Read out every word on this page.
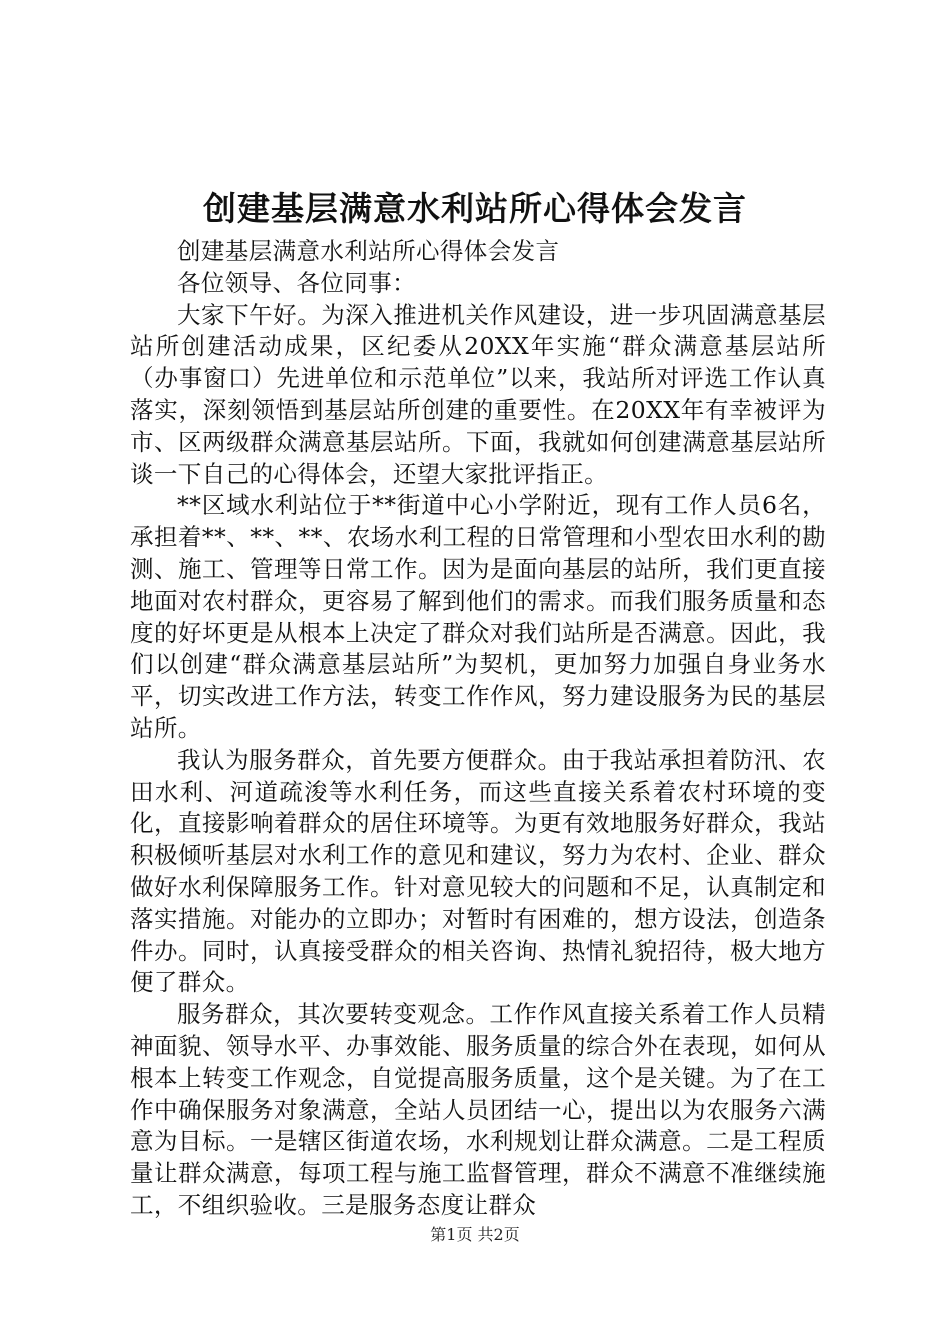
创建基层满意水利站所心得体会发言

创建基层满意水利站所心得体会发言

各位领导、各位同事：

大家下午好。为深入推进机关作风建设，进一步巩固满意基层站所创建活动成果，区纪委从20XX年实施“群众满意基层站所（办事窗口）先进单位和示范单位”以来，我站所对评选工作认真落实，深刻领悟到基层站所创建的重要性。在20XX年有幸被评为市、区两级群众满意基层站所。下面，我就如何创建满意基层站所谈一下自己的心得体会，还望大家批评指正。

**区域水利站位于**街道中心小学附近，现有工作人员6名，承担着**、**、**、农场水利工程的日常管理和小型农田水利的勘测、施工、管理等日常工作。因为是面向基层的站所，我们更直接地面对农村群众，更容易了解到他们的需求。而我们服务质量和态度的好坏更是从根本上决定了群众对我们站所是否满意。因此，我们以创建“群众满意基层站所”为契机，更加努力加强自身业务水平，切实改进工作方法，转变工作作风，努力建设服务为民的基层站所。

我认为服务群众，首先要方便群众。由于我站承担着防汛、农田水利、河道疏浚等水利任务，而这些直接关系着农村环境的变化，直接影响着群众的居住环境等。为更有效地服务好群众，我站积极倾听基层对水利工作的意见和建议，努力为农村、企业、群众做好水利保障服务工作。针对意见较大的问题和不足，认真制定和落实措施。对能办的立即办；对暂时有困难的，想方设法，创造条件办。同时，认真接受群众的相关咨询、热情礼貌招待，极大地方便了群众。

服务群众，其次要转变观念。工作作风直接关系着工作人员精神面貌、领导水平、办事效能、服务质量的综合外在表现，如何从根本上转变工作观念，自觉提高服务质量，这个是关键。为了在工作中确保服务对象满意，全站人员团结一心，提出以为农服务六满意为目标。一是辖区街道农场，水利规划让群众满意。二是工程质量让群众满意，每项工程与施工监督管理，群众不满意不准继续施工，不组织验收。三是服务态度让群众

第1页 共2页
